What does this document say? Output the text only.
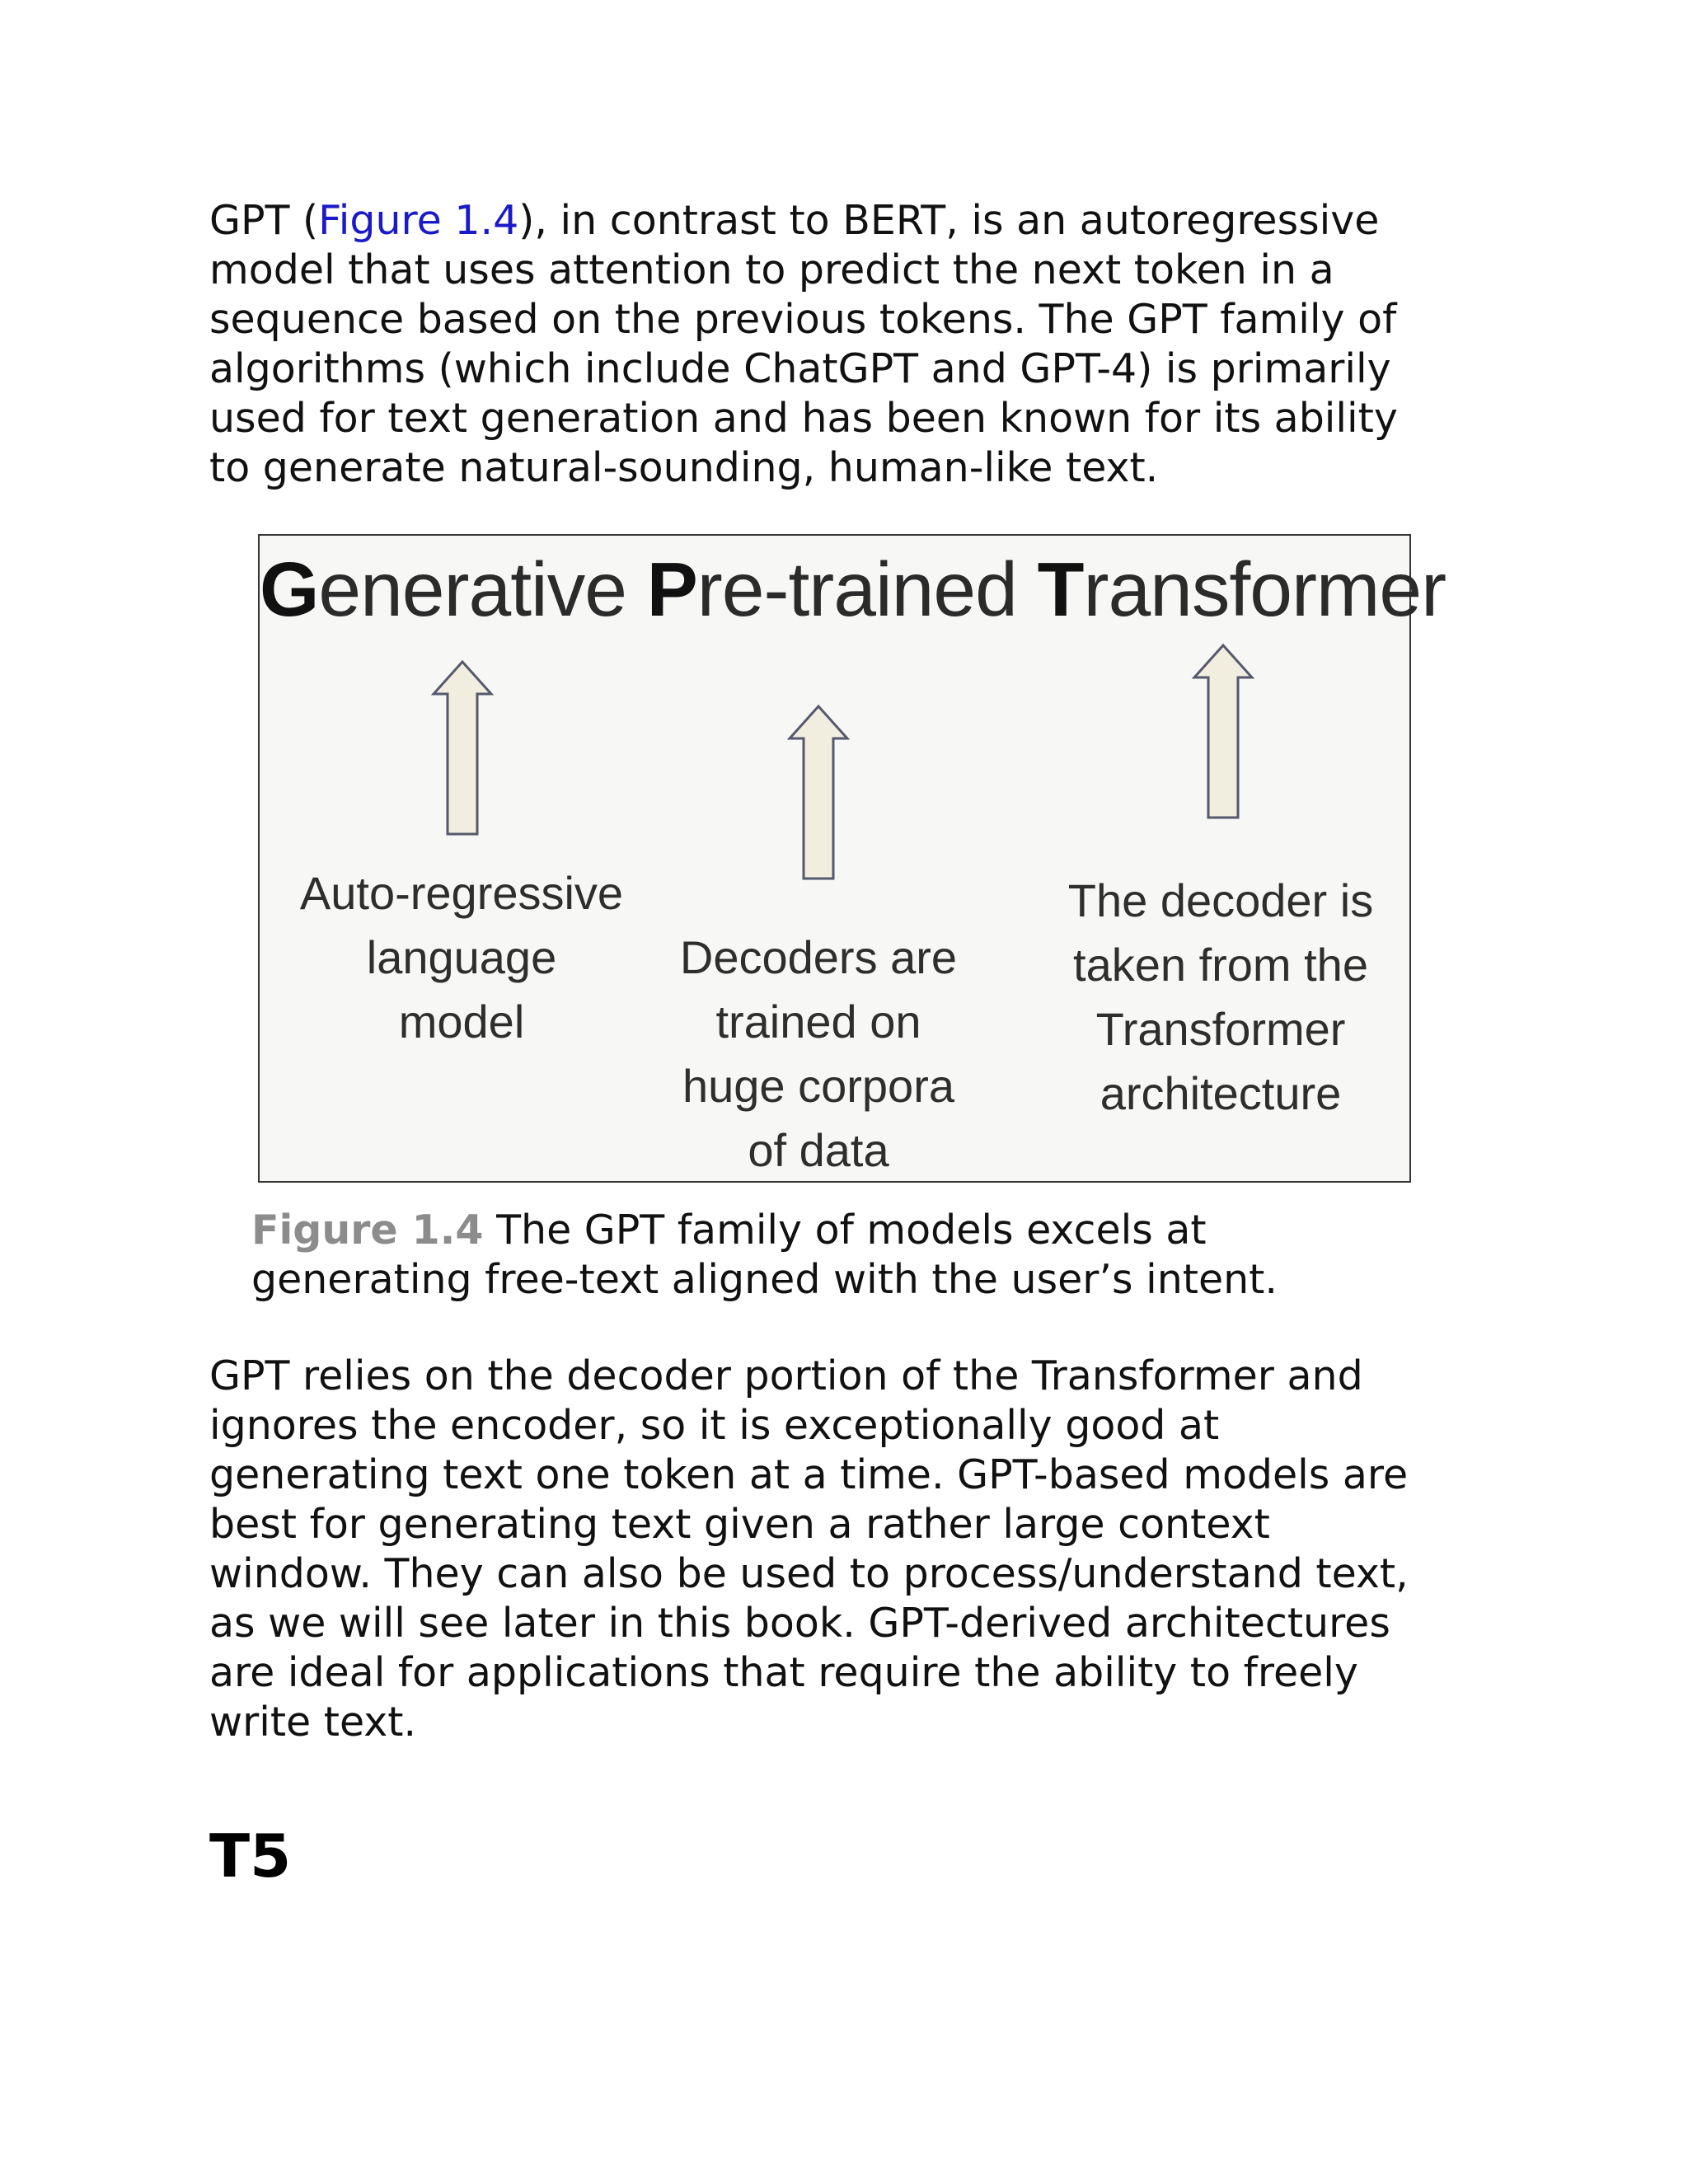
GPT (Figure 1.4), in contrast to BERT, is an autoregressive
model that uses attention to predict the next token in a
sequence based on the previous tokens. The GPT family of
algorithms (which include ChatGPT and GPT-4) is primarily
used for text generation and has been known for its ability
to generate natural-sounding, human-like text.

Generative Pre-trained Transformer
Auto-regressive
language
model
Decoders are
trained on
huge corpora
of data
The decoder is
taken from the
Transformer
architecture

Figure 1.4 The GPT family of models excels at
generating free-text aligned with the user’s intent.

GPT relies on the decoder portion of the Transformer and
ignores the encoder, so it is exceptionally good at
generating text one token at a time. GPT-based models are
best for generating text given a rather large context
window. They can also be used to process/understand text,
as we will see later in this book. GPT-derived architectures
are ideal for applications that require the ability to freely
write text.

T5
